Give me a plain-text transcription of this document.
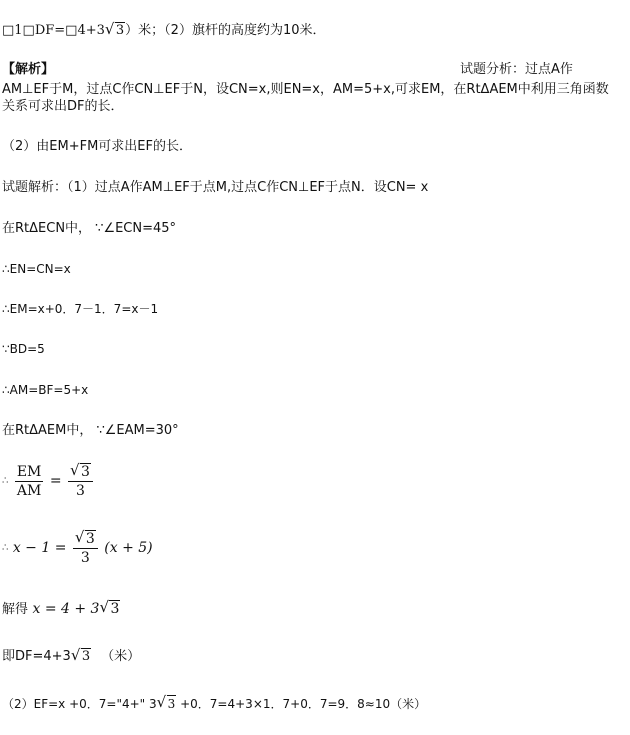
□1□DF=□4+3 √ 3）米；（2）旗杆的高度约为10米．
【解析】	试题分析：过点A作
AM⊥EF于M，过点C作CN⊥EF于N，设CN=x,则EN=x，AM=5+x,可求EM，在RtΔAEM中利用三角函数
关系可求出DF的长．
（2）由EM+FM可求出EF的长．
试题解析：（1）过点A作AM⊥EF于点M,过点C作CN⊥EF于点N．设CN= x
在RtΔECN中， ∵∠ECN=45°
∴EN=CN=x
∴EM=x+0．7－1．7=x－1
∵BD=5
∴AM=BF=5+x
在RtΔAEM中， ∵∠EAM=30°
∴ $\frac{EM}{AM}$ = √ $\frac{3}{3}$
∴ x − 1 = √ $\frac{3}{3} (x + 5)$
解得 x = 4 + 3 √ 3
即DF=4+3 √ 3 （米）
（2）EF=x +0．7="4+" 3 √ 3 +0．7=4+3×1．7+0．7=9．8≈10（米）
